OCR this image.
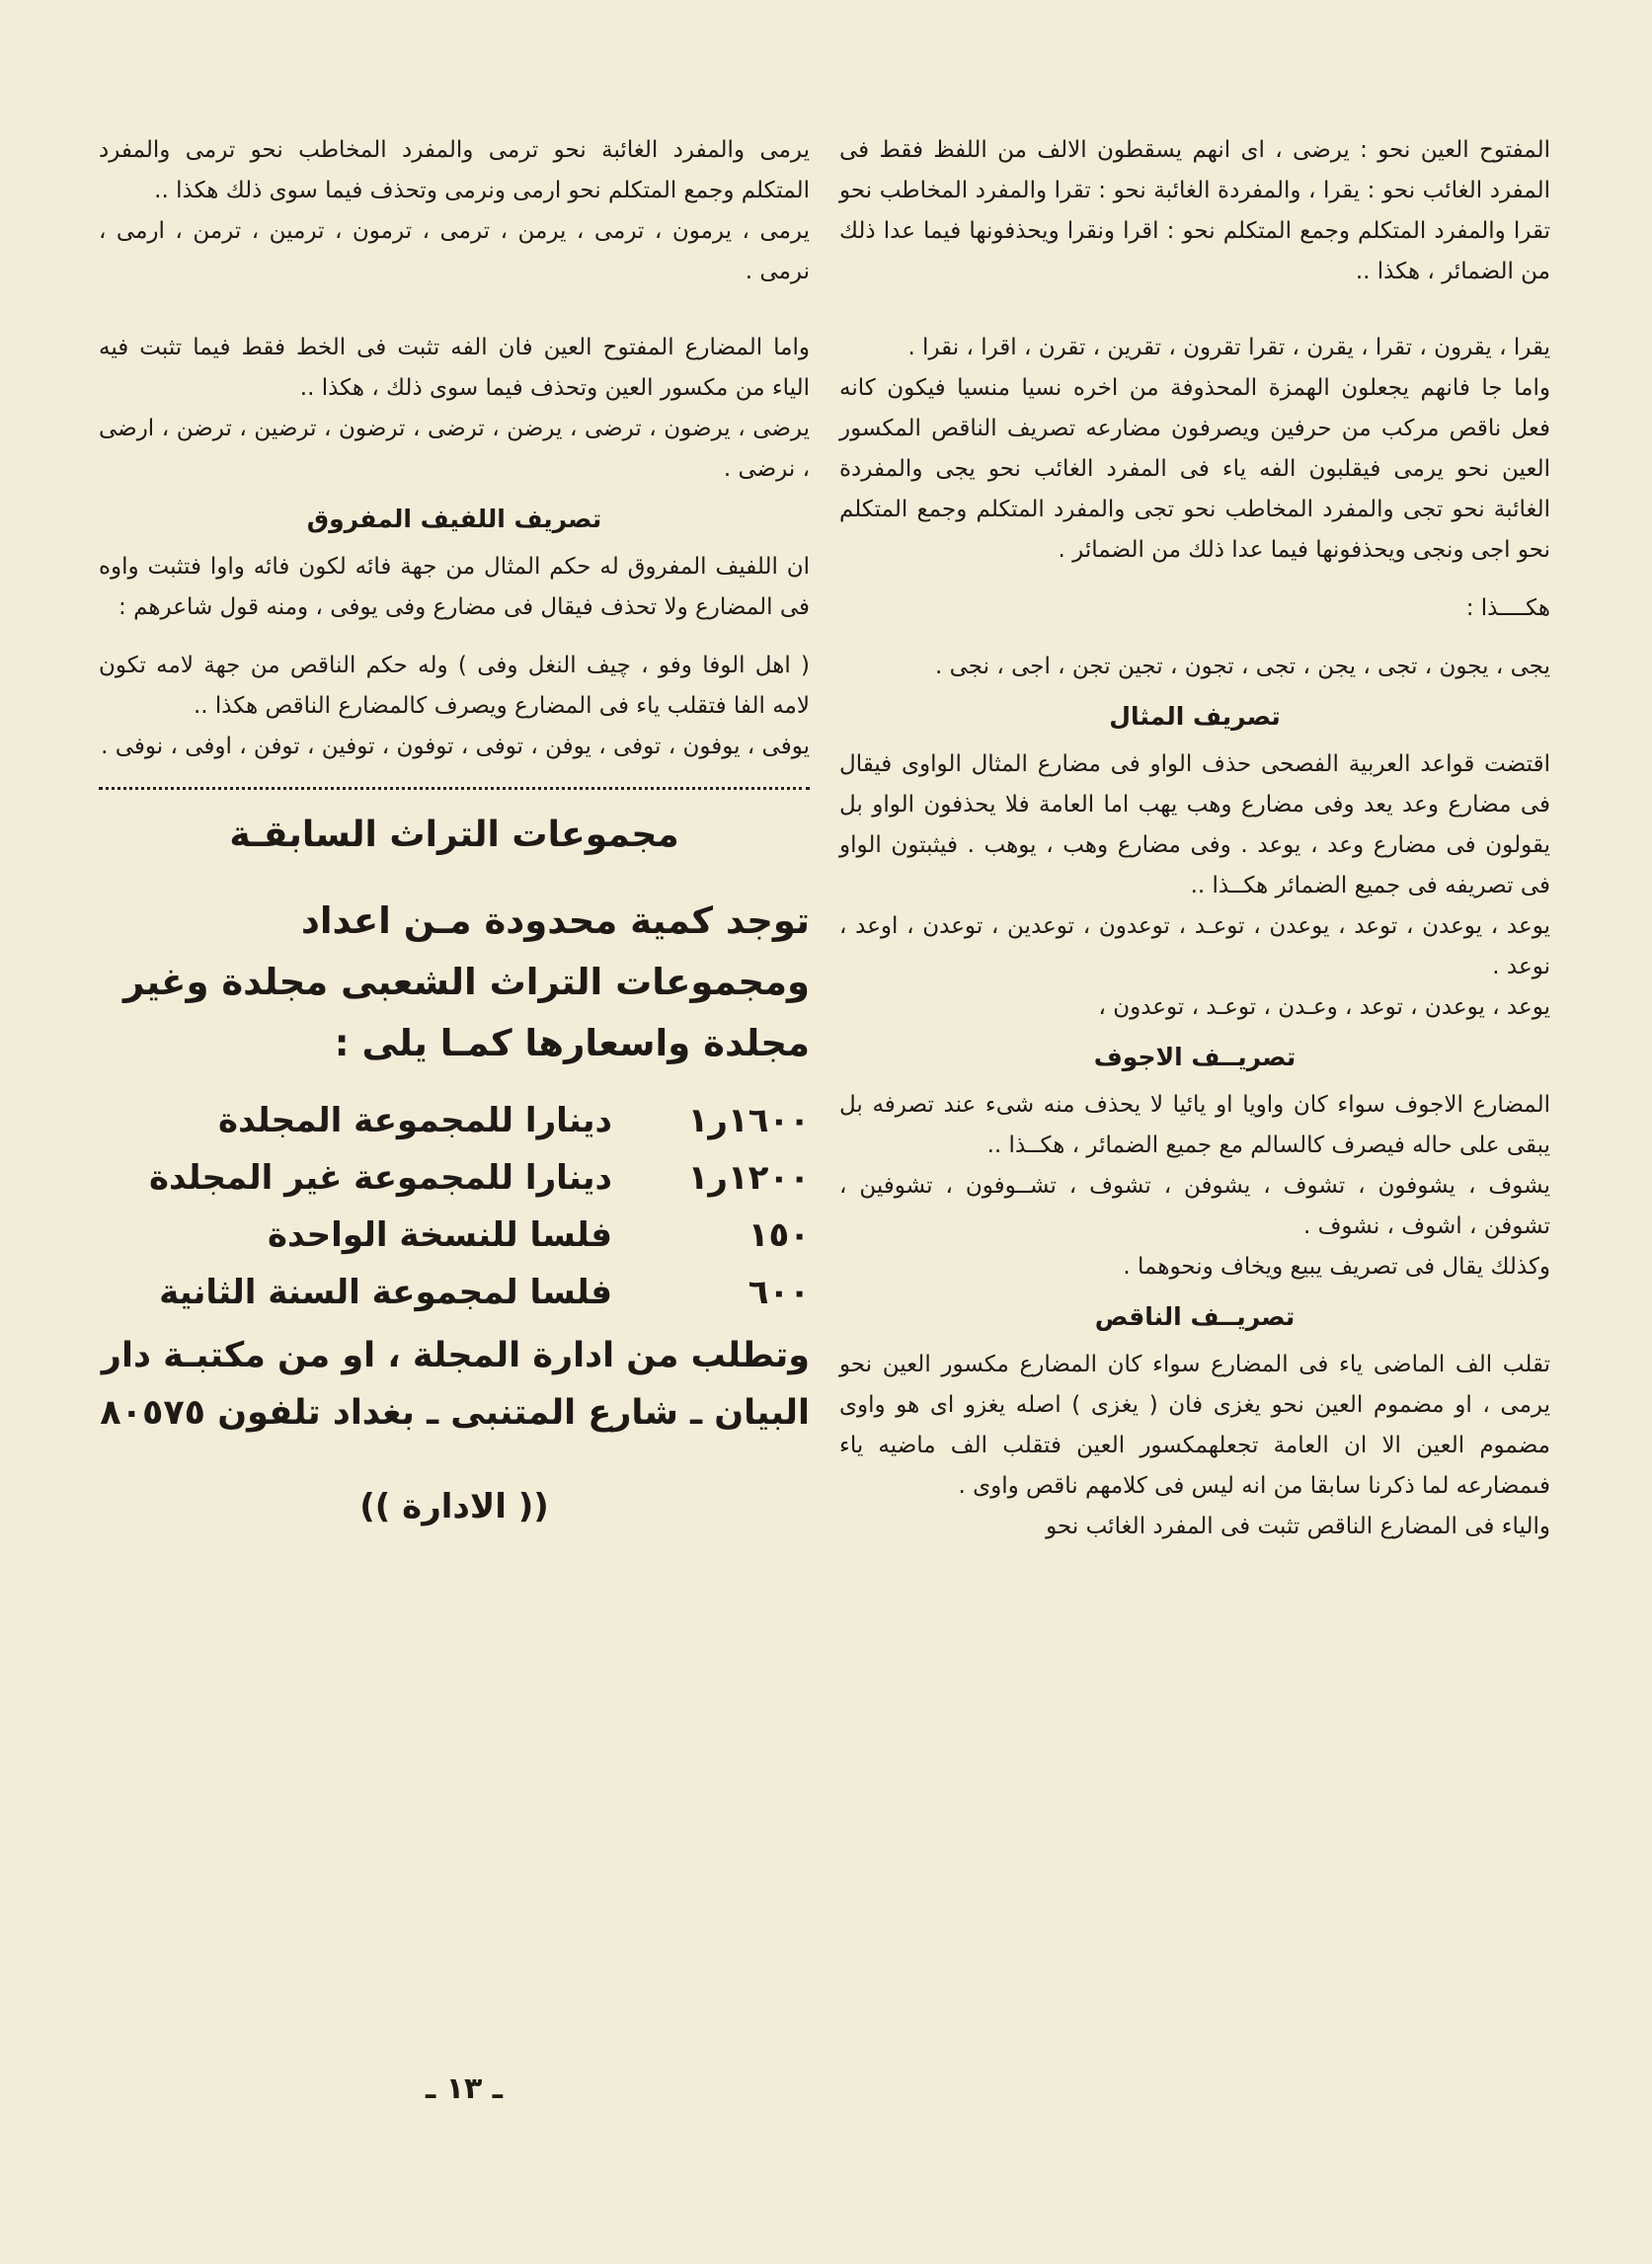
المفتوح العين نحو : يرضى ، اى انهم يسقطون الالف من اللفظ فقط فى المفرد الغائب نحو : يقرا ، والمفردة الغائبة نحو : تقرا والمفرد المخاطب نحو تقرا والمفرد المتكلم وجمع المتكلم نحو : اقرا ونقرا ويحذفونها فيما عدا ذلك من الضمائر ، هكذا ..

يقرا ، يقرون ، تقرا ، يقرن ، تقرا تقرون ، تقرين ، تقرن ، اقرا ، نقرا .

واما جا فانهم يجعلون الهمزة المحذوفة من اخره نسيا منسيا فيكون كانه فعل ناقص مركب من حرفين ويصرفون مضارعه تصريف الناقص المكسور العين نحو يرمى فيقلبون الفه ياء فى المفرد الغائب نحو يجى والمفردة الغائبة نحو تجى والمفرد المخاطب نحو تجى والمفرد المتكلم وجمع المتكلم نحو اجى ونجى ويحذفونها فيما عدا ذلك من الضمائر .

هكــــذا :

يجى ، يجون ، تجى ، يجن ، تجى ، تجون ، تجين تجن ، اجى ، نجى .

تصريف المثال

اقتضت قواعد العربية الفصحى حذف الواو فى مضارع المثال الواوى فيقال فى مضارع وعد يعد وفى مضارع وهب يهب اما العامة فلا يحذفون الواو بل يقولون فى مضارع وعد ، يوعد . وفى مضارع وهب ، يوهب . فيثبتون الواو فى تصريفه فى جميع الضمائر هكــذا ..

يوعد ، يوعدن ، توعد ، يوعدن ، توعـد ، توعدون ، توعدين ، توعدن ، اوعد ، نوعد .

يوعد ، يوعدن ، توعد ، وعـدن ، توعـد ، توعدون ،

تصريــف الاجوف

المضارع الاجوف سواء كان واويا او يائيا لا يحذف منه شىء عند تصرفه بل يبقى على حاله فيصرف كالسالم مع جميع الضمائر ، هكــذا ..

يشوف ، يشوفون ، تشوف ، يشوفن ، تشوف ، تشــوفون ، تشوفين ، تشوفن ، اشوف ، نشوف .

وكذلك يقال فى تصريف يبيع ويخاف ونحوهما .

تصريــف الناقص

تقلب الف الماضى ياء فى المضارع سواء كان المضارع مكسور العين نحو يرمى ، او مضموم العين نحو يغزى فان ( يغزى ) اصله يغزو اى هو واوى مضموم العين الا ان العامة تجعلهمكسور العين فتقلب الف ماضيه ياء فىمضارعه لما ذكرنا سابقا من انه ليس فى كلامهم ناقص واوى .

والياء فى المضارع الناقص تثبت فى المفرد الغائب نحو

يرمى والمفرد الغائبة نحو ترمى والمفرد المخاطب نحو ترمى والمفرد المتكلم وجمع المتكلم نحو ارمى ونرمى وتحذف فيما سوى ذلك هكذا ..

يرمى ، يرمون ، ترمى ، يرمن ، ترمى ، ترمون ، ترمين ، ترمن ، ارمى ، نرمى .

واما المضارع المفتوح العين فان الفه تثبت فى الخط فقط فيما تثبت فيه الياء من مكسور العين وتحذف فيما سوى ذلك ، هكذا ..

يرضى ، يرضون ، ترضى ، يرضن ، ترضى ، ترضون ، ترضين ، ترضن ، ارضى ، نرضى .

تصريف اللفيف المفروق

ان اللفيف المفروق له حكم المثال من جهة فائه لكون فائه واوا فتثبت واوه فى المضارع ولا تحذف فيقال فى مضارع وفى يوفى ، ومنه قول شاعرهم :

( اهل الوفا وفو ، چيف النغل وفى ) وله حكم الناقص من جهة لامه تكون لامه الفا فتقلب ياء فى المضارع ويصرف كالمضارع الناقص هكذا ..

يوفى ، يوفون ، توفى ، يوفن ، توفى ، توفون ، توفين ، توفن ، اوفى ، نوفى .

مجموعات التراث السابقـة
توجد كمية محدودة مـن اعداد ومجموعات التراث الشعبى مجلدة وغير مجلدة واسعارها كمـا يلى :
١٦٠٠ر١
دينارا للمجموعة المجلدة
١٢٠٠ر١
دينارا للمجموعة غير المجلدة
١٥٠
فلسا للنسخة الواحدة
٦٠٠
فلسا لمجموعة السنة الثانية
وتطلب من ادارة المجلة ، او من مكتبـة دار البيان ـ شارع المتنبى ـ بغداد تلفون ٨٠٥٧٥
(( الادارة ))
ـ ١٣ ـ
